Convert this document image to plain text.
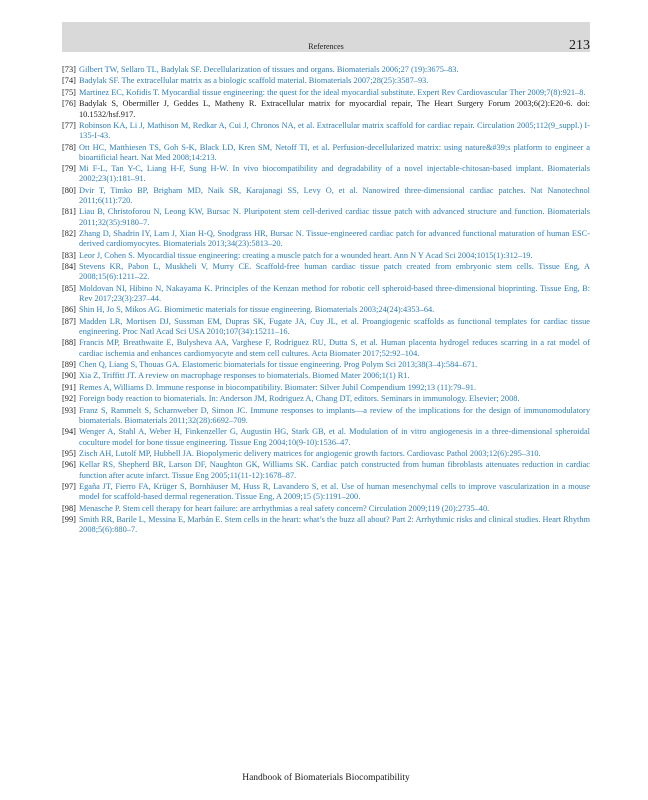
References	213
[73] Gilbert TW, Sellaro TL, Badylak SF. Decellularization of tissues and organs. Biomaterials 2006;27 (19):3675–83.
[74] Badylak SF. The extracellular matrix as a biologic scaffold material. Biomaterials 2007;28(25):3587–93.
[75] Martinez EC, Kofidis T. Myocardial tissue engineering: the quest for the ideal myocardial substitute. Expert Rev Cardiovascular Ther 2009;7(8):921–8.
[76] Badylak S, Obermiller J, Geddes L, Matheny R. Extracellular matrix for myocardial repair, The Heart Surgery Forum 2003;6(2):E20-6. doi: 10.1532/hsf.917.
[77] Robinson KA, Li J, Mathison M, Redkar A, Cui J, Chronos NA, et al. Extracellular matrix scaffold for cardiac repair. Circulation 2005;112(9_suppl.) I-135-I-43.
[78] Ott HC, Matthiesen TS, Goh S-K, Black LD, Kren SM, Netoff TI, et al. Perfusion-decellularized matrix: using nature&#39;s platform to engineer a bioartificial heart. Nat Med 2008;14:213.
[79] Mi F-L, Tan Y-C, Liang H-F, Sung H-W. In vivo biocompatibility and degradability of a novel injectable-chitosan-based implant. Biomaterials 2002;23(1):181–91.
[80] Dvir T, Timko BP, Brigham MD, Naik SR, Karajanagi SS, Levy O, et al. Nanowired three-dimensional cardiac patches. Nat Nanotechnol 2011;6(11):720.
[81] Liau B, Christoforou N, Leong KW, Bursac N. Pluripotent stem cell-derived cardiac tissue patch with advanced structure and function. Biomaterials 2011;32(35):9180–7.
[82] Zhang D, Shadrin IY, Lam J, Xian H-Q, Snodgrass HR, Bursac N. Tissue-engineered cardiac patch for advanced functional maturation of human ESC-derived cardiomyocytes. Biomaterials 2013;34(23):5813–20.
[83] Leor J, Cohen S. Myocardial tissue engineering: creating a muscle patch for a wounded heart. Ann N Y Acad Sci 2004;1015(1):312–19.
[84] Stevens KR, Pabon L, Muskheli V, Murry CE. Scaffold-free human cardiac tissue patch created from embryonic stem cells. Tissue Eng, A 2008;15(6):1211–22.
[85] Moldovan NI, Hibino N, Nakayama K. Principles of the Kenzan method for robotic cell spheroid-based three-dimensional bioprinting. Tissue Eng, B: Rev 2017;23(3):237–44.
[86] Shin H, Jo S, Mikos AG. Biomimetic materials for tissue engineering. Biomaterials 2003;24(24):4353–64.
[87] Madden LR, Mortisen DJ, Sussman EM, Dupras SK, Fugate JA, Cuy JL, et al. Proangiogenic scaffolds as functional templates for cardiac tissue engineering. Proc Natl Acad Sci USA 2010;107(34):15211–16.
[88] Francis MP, Breathwaite E, Bulysheva AA, Varghese F, Rodriguez RU, Dutta S, et al. Human placenta hydrogel reduces scarring in a rat model of cardiac ischemia and enhances cardiomyocyte and stem cell cultures. Acta Biomater 2017;52:92–104.
[89] Chen Q, Liang S, Thouas GA. Elastomeric biomaterials for tissue engineering. Prog Polym Sci 2013;38(3–4):584–671.
[90] Xia Z, Triffitt JT. A review on macrophage responses to biomaterials. Biomed Mater 2006;1(1) R1.
[91] Remes A, Williams D. Immune response in biocompatibility. Biomater: Silver Jubil Compendium 1992;13 (11):79–91.
[92] Foreign body reaction to biomaterials. In: Anderson JM, Rodriguez A, Chang DT, editors. Seminars in immunology. Elsevier; 2008.
[93] Franz S, Rammelt S, Scharnweber D, Simon JC. Immune responses to implants—a review of the implications for the design of immunomodulatory biomaterials. Biomaterials 2011;32(28):6692–709.
[94] Wenger A, Stahl A, Weber H, Finkenzeller G, Augustin HG, Stark GB, et al. Modulation of in vitro angiogenesis in a three-dimensional spheroidal coculture model for bone tissue engineering. Tissue Eng 2004;10(9-10):1536–47.
[95] Zisch AH, Lutolf MP, Hubbell JA. Biopolymeric delivery matrices for angiogenic growth factors. Cardiovasc Pathol 2003;12(6):295–310.
[96] Kellar RS, Shepherd BR, Larson DF, Naughton GK, Williams SK. Cardiac patch constructed from human fibroblasts attenuates reduction in cardiac function after acute infarct. Tissue Eng 2005;11(11-12):1678–87.
[97] Egaña JT, Fierro FA, Krüger S, Bornhäuser M, Huss R, Lavandero S, et al. Use of human mesenchymal cells to improve vascularization in a mouse model for scaffold-based dermal regeneration. Tissue Eng, A 2009;15 (5):1191–200.
[98] Menasche P. Stem cell therapy for heart failure: are arrhythmias a real safety concern? Circulation 2009;119 (20):2735–40.
[99] Smith RR, Barile L, Messina E, Marbán E. Stem cells in the heart: what’s the buzz all about? Part 2: Arrhythmic risks and clinical studies. Heart Rhythm 2008;5(6):880–7.
Handbook of Biomaterials Biocompatibility
